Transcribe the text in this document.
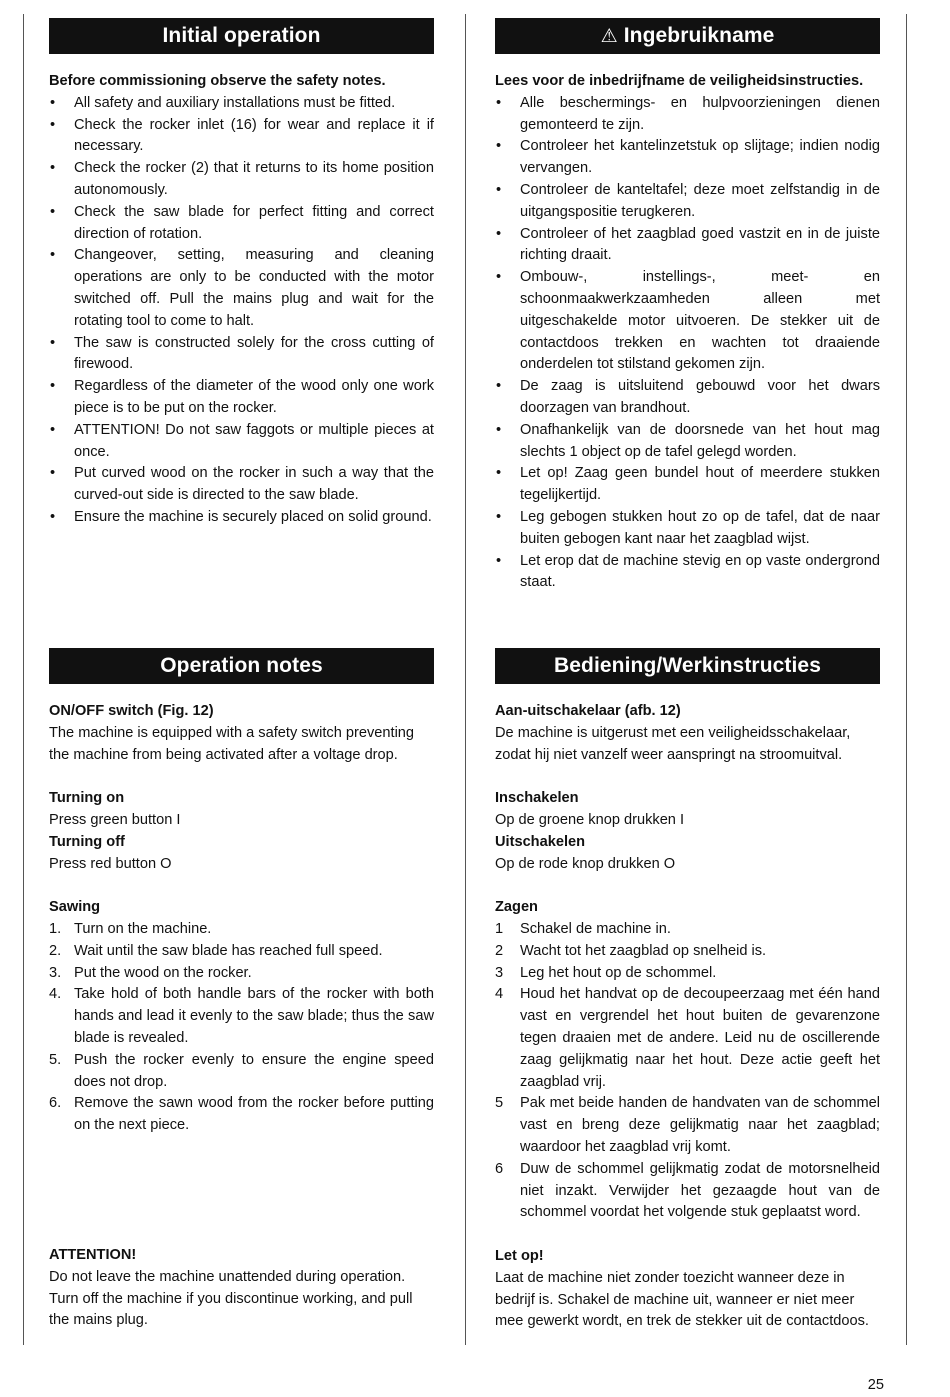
Initial operation

Before commissioning observe the safety notes.

• All safety and auxiliary installations must be fitted.
• Check the rocker inlet (16) for wear and replace it if necessary.
• Check the rocker (2) that it returns to its home position autonomously.
• Check the saw blade for perfect fitting and correct direction of rotation.
• Changeover, setting, measuring and cleaning operations are only to be conducted with the motor switched off. Pull the mains plug and wait for the rotating tool to come to halt.
• The saw is constructed solely for the cross cutting of firewood.
• Regardless of the diameter of the wood only one work piece is to be put on the rocker.
• ATTENTION! Do not saw faggots or multiple pieces at once.
• Put curved wood on the rocker in such a way that the curved-out side is directed to the saw blade.
• Ensure the machine is securely placed on solid ground.
⚠ Ingebruikname

Lees voor de inbedrijfname de veiligheidsinstructies.

• Alle beschermings- en hulpvoorzieningen dienen gemonteerd te zijn.
• Controleer het kantelinzetstuk op slijtage; indien nodig vervangen.
• Controleer de kanteltafel; deze moet zelfstandig in de uitgangspositie terugkeren.
• Controleer of het zaagblad goed vastzit en in de juiste richting draait.
• Ombouw-, instellings-, meet- en schoonmaakwerkzaamheden alleen met uitgeschakelde motor uitvoeren. De stekker uit de contactdoos trekken en wachten tot draaiende onderdelen tot stilstand gekomen zijn.
• De zaag is uitsluitend gebouwd voor het dwars doorzagen van brandhout.
• Onafhankelijk van de doorsnede van het hout mag slechts 1 object op de tafel gelegd worden.
• Let op! Zaag geen bundel hout of meerdere stukken tegelijkertijd.
• Leg gebogen stukken hout zo op de tafel, dat de naar buiten gebogen kant naar het zaagblad wijst.
• Let erop dat de machine stevig en op vaste ondergrond staat.
Operation notes

ON/OFF switch (Fig. 12)

The machine is equipped with a safety switch preventing the machine from being activated after a voltage drop.

Turning on

Press green button I

Turning off

Press red button O

Sawing

1. Turn on the machine.
2. Wait until the saw blade has reached full speed.
3. Put the wood on the rocker.
4. Take hold of both handle bars of the rocker with both hands and lead it evenly to the saw blade; thus the saw blade is revealed.
5. Push the rocker evenly to ensure the engine speed does not drop.
6. Remove the sawn wood from the rocker before putting on the next piece.

ATTENTION!

Do not leave the machine unattended during operation. Turn off the machine if you discontinue working, and pull the mains plug.

Bediening/Werkinstructies

Aan-uitschakelaar (afb. 12)

De machine is uitgerust met een veiligheidsschakelaar, zodat hij niet vanzelf weer aanspringt na stroomuitval.

Inschakelen

Op de groene knop drukken I

Uitschakelen

Op de rode knop drukken O

Zagen

1 Schakel de machine in.
2 Wacht tot het zaagblad op snelheid is.
3 Leg het hout op de schommel.
4 Houd het handvat op de decoupeerzaag met één hand vast en vergrendel het hout buiten de gevarenzone tegen draaien met de andere. Leid nu de oscillerende zaag gelijkmatig naar het hout. Deze actie geeft het zaagblad vrij.
5 Pak met beide handen de handvaten van de schommel vast en breng deze gelijkmatig naar het zaagblad; waardoor het zaagblad vrij komt.
6 Duw de schommel gelijkmatig zodat de motorsnelheid niet inzakt. Verwijder het gezaagde hout van de schommel voordat het volgende stuk geplaatst word.

Let op!

Laat de machine niet zonder toezicht wanneer deze in bedrijf is. Schakel de machine uit, wanneer er niet meer mee gewerkt wordt, en trek de stekker uit de contactdoos.

25
